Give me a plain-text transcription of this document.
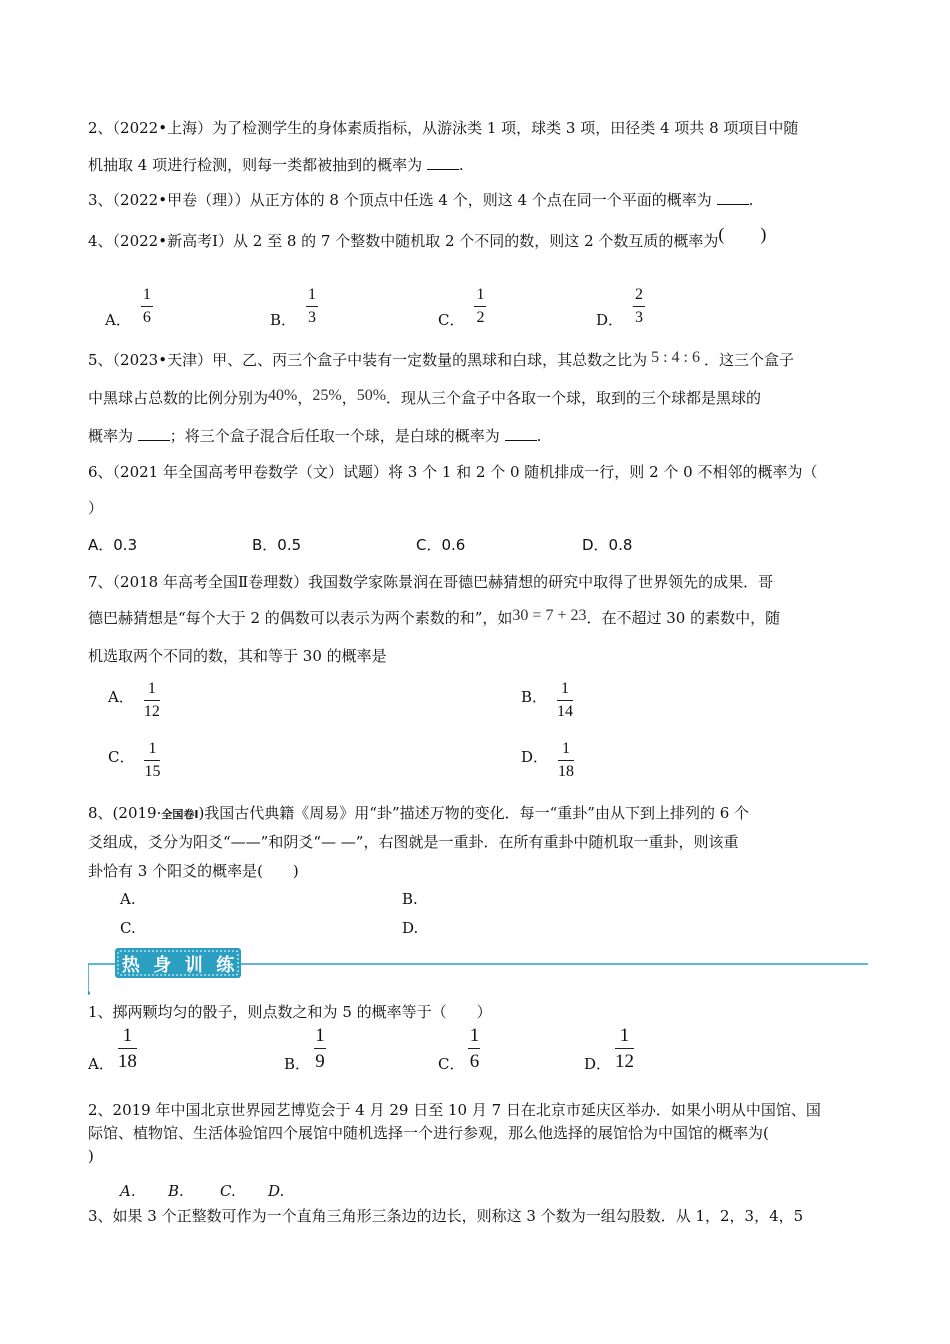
2、（2022•上海）为了检测学生的身体素质指标，从游泳类 1 项，球类 3 项，田径类 4 项共 8 项项目中随
机抽取 4 项进行检测，则每一类都被抽到的概率为 .
3、（2022•甲卷（理））从正方体的 8 个顶点中任选 4 个，则这 4 个点在同一个平面的概率为 .
4、（2022•新高考Ⅰ）从 2 至 8 的 7 个整数中随机取 2 个不同的数，则这 2 个数互质的概率为(　　)
A． $\frac{1}{6}$	B． $\frac{1}{3}$	C． $\frac{1}{2}$	D． $\frac{2}{3}$
5、（2023•天津）甲、乙、丙三个盒子中装有一定数量的黑球和白球，其总数之比为 5 : 4 : 6 ．这三个盒子
中黑球占总数的比例分别为40%，25%，50%．现从三个盒子中各取一个球，取到的三个球都是黑球的
概率为 ；将三个盒子混合后任取一个球，是白球的概率为 .
6、（2021 年全国高考甲卷数学（文）试题）将 3 个 1 和 2 个 0 随机排成一行，则 2 个 0 不相邻的概率为（
）
A．0.3	B．0.5	C．0.6	D．0.8
7、（2018 年高考全国Ⅱ卷理数）我国数学家陈景润在哥德巴赫猜想的研究中取得了世界领先的成果．哥
德巴赫猜想是“每个大于 2 的偶数可以表示为两个素数的和”，如30 = 7 + 23．在不超过 30 的素数中，随
机选取两个不同的数，其和等于 30 的概率是
A． $\frac{1}{12}$	B． $\frac{1}{14}$
C． $\frac{1}{15}$	D． $\frac{1}{18}$
8、(2019·全国卷Ⅰ)我国古代典籍《周易》用“卦”描述万物的变化．每一“重卦”由从下到上排列的 6 个
爻组成，爻分为阳爻“——”和阴爻“— —”，右图就是一重卦．在所有重卦中随机取一重卦，则该重
卦恰有 3 个阳爻的概率是(　　)
A.	B.
C.	D.
热 身 训 练
1、掷两颗均匀的骰子，则点数之和为 5 的概率等于（　　）
A． $\frac{1}{18}$	B． $\frac{1}{9}$	C． $\frac{1}{6}$	D． $\frac{1}{12}$
2、2019 年中国北京世界园艺博览会于 4 月 29 日至 10 月 7 日在北京市延庆区举办．如果小明从中国馆、国
际馆、植物馆、生活体验馆四个展馆中随机选择一个进行参观，那么他选择的展馆恰为中国馆的概率为(
)
A. B. C. D.
3、如果 3 个正整数可作为一个直角三角形三条边的边长，则称这 3 个数为一组勾股数．从 1，2，3，4，5
